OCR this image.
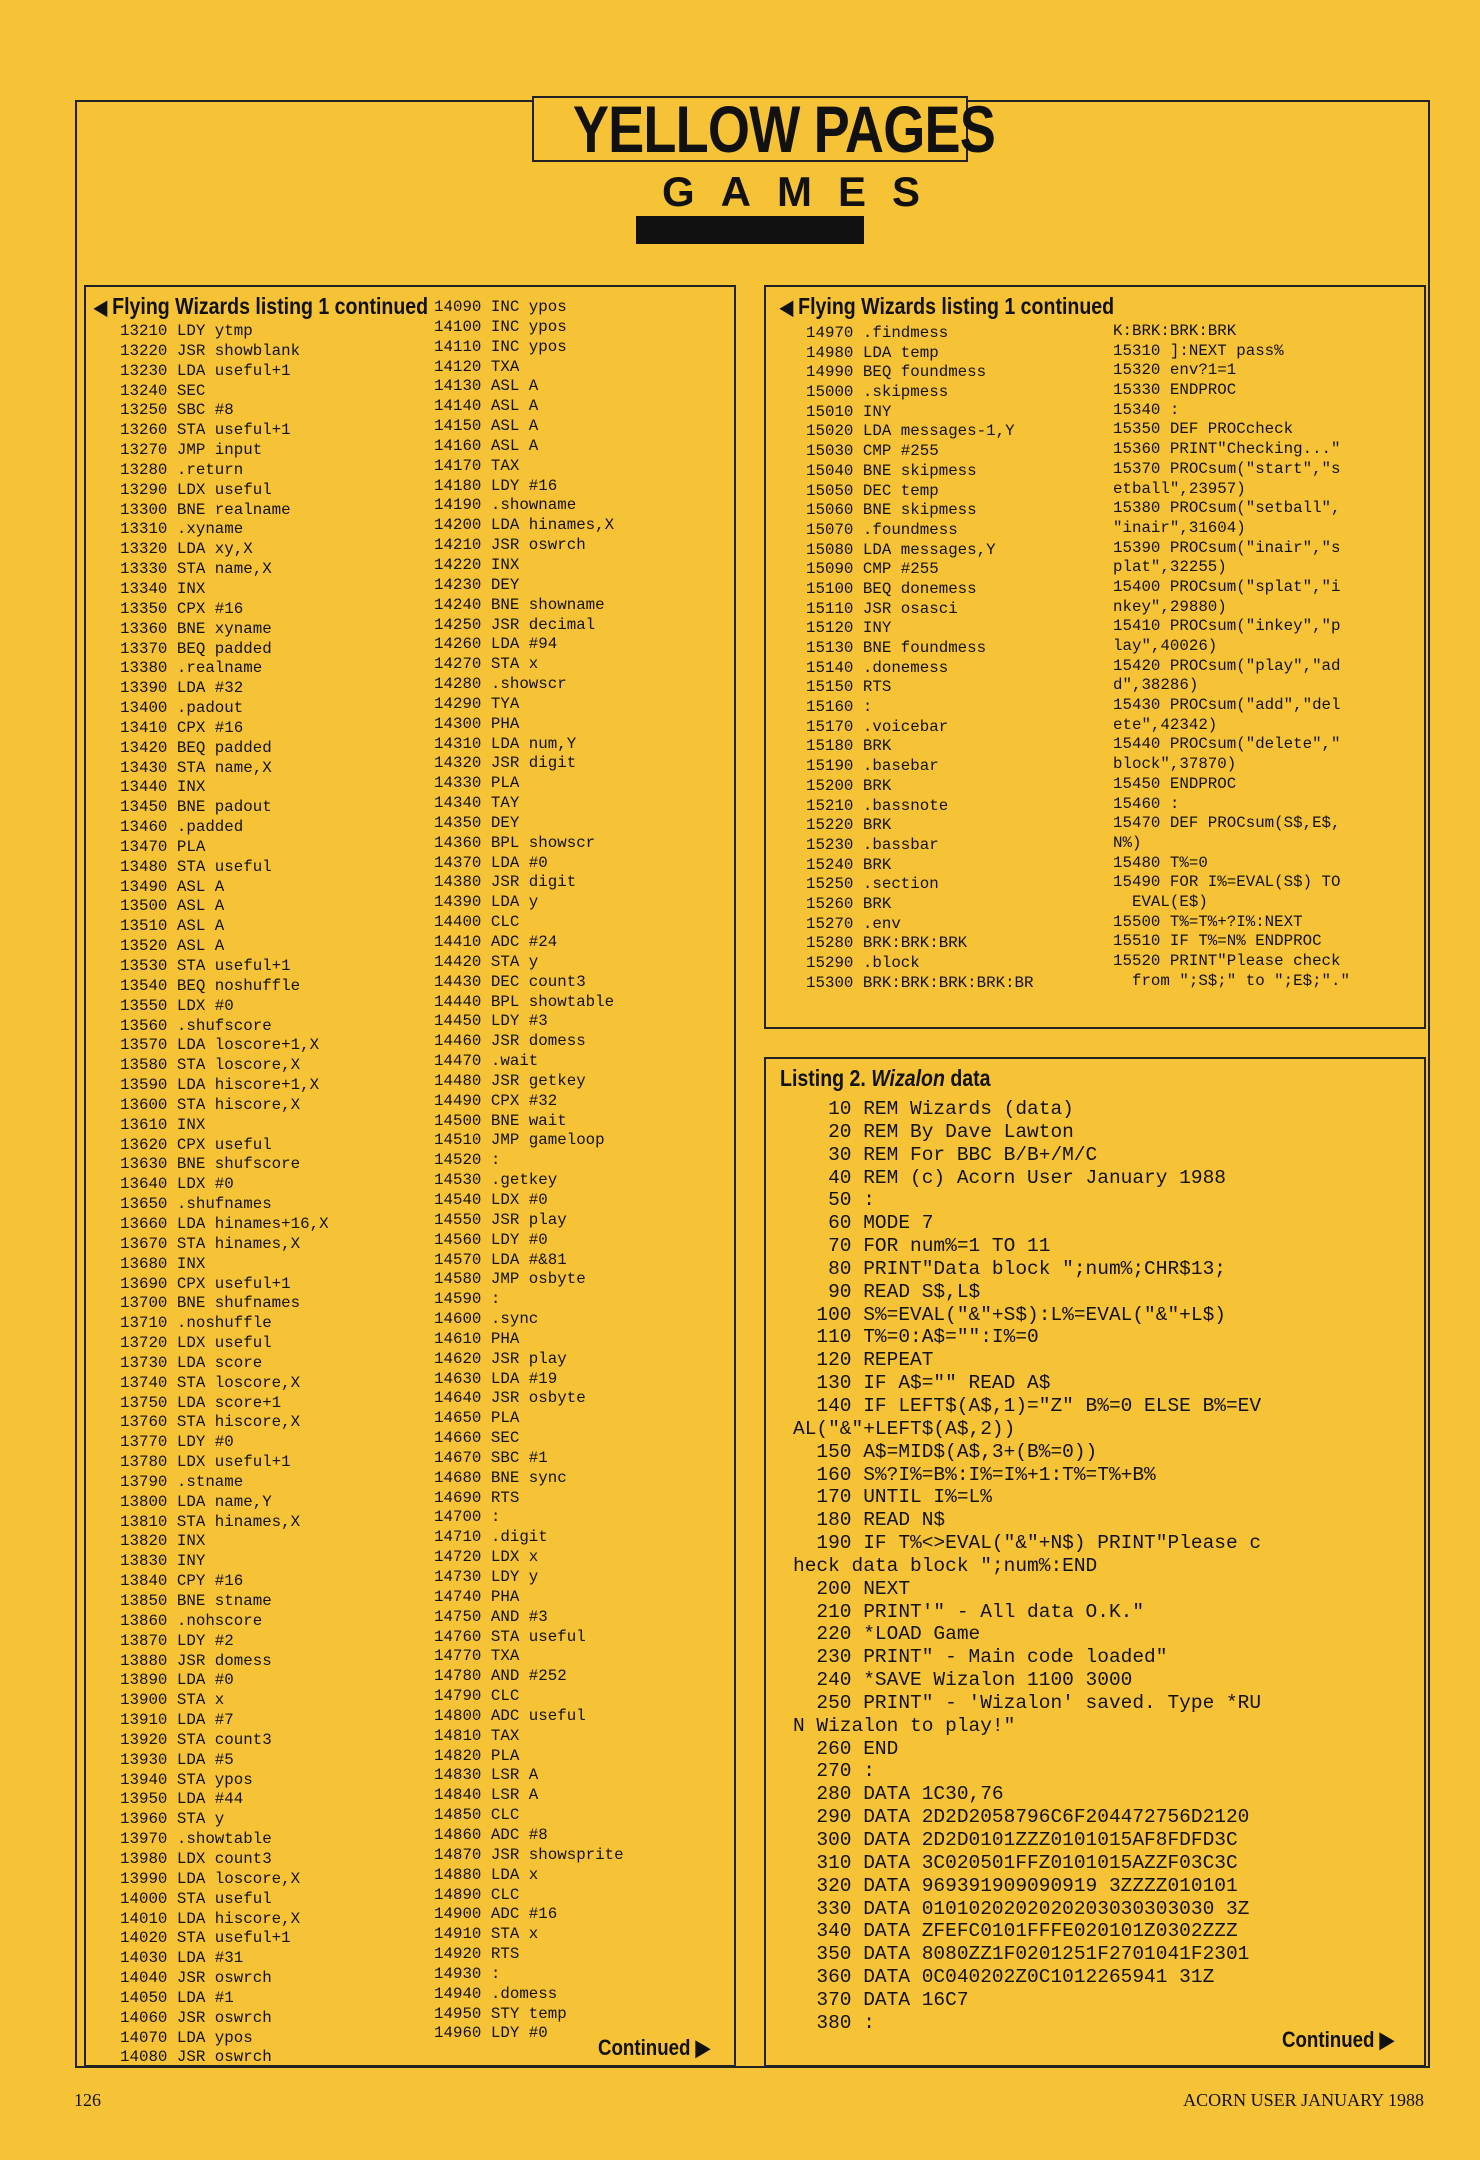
YELLOW PAGES
GAMES
◀ Flying Wizards listing 1 continued
13210 LDY ytmp
13220 JSR showblank
13230 LDA useful+1
13240 SEC
13250 SBC #8
13260 STA useful+1
13270 JMP input
13280 .return
13290 LDX useful
13300 BNE realname
13310 .xyname
13320 LDA xy,X
13330 STA name,X
13340 INX
13350 CPX #16
13360 BNE xyname
13370 BEQ padded
13380 .realname
13390 LDA #32
13400 .padout
13410 CPX #16
13420 BEQ padded
13430 STA name,X
13440 INX
13450 BNE padout
13460 .padded
13470 PLA
13480 STA useful
13490 ASL A
13500 ASL A
13510 ASL A
13520 ASL A
13530 STA useful+1
13540 BEQ noshuffle
13550 LDX #0
13560 .shufscore
13570 LDA loscore+1,X
13580 STA loscore,X
13590 LDA hiscore+1,X
13600 STA hiscore,X
13610 INX
13620 CPX useful
13630 BNE shufscore
13640 LDX #0
13650 .shufnames
13660 LDA hinames+16,X
13670 STA hinames,X
13680 INX
13690 CPX useful+1
13700 BNE shufnames
13710 .noshuffle
13720 LDX useful
13730 LDA score
13740 STA loscore,X
13750 LDA score+1
13760 STA hiscore,X
13770 LDY #0
13780 LDX useful+1
13790 .stname
13800 LDA name,Y
13810 STA hinames,X
13820 INX
13830 INY
13840 CPY #16
13850 BNE stname
13860 .nohscore
13870 LDY #2
13880 JSR domess
13890 LDA #0
13900 STA x
13910 LDA #7
13920 STA count3
13930 LDA #5
13940 STA ypos
13950 LDA #44
13960 STA y
13970 .showtable
13980 LDX count3
13990 LDA loscore,X
14000 STA useful
14010 LDA hiscore,X
14020 STA useful+1
14030 LDA #31
14040 JSR oswrch
14050 LDA #1
14060 JSR oswrch
14070 LDA ypos
14080 JSR oswrch
14090 INC ypos
14100 INC ypos
14110 INC ypos
14120 TXA
14130 ASL A
14140 ASL A
14150 ASL A
14160 ASL A
14170 TAX
14180 LDY #16
14190 .showname
14200 LDA hinames,X
14210 JSR oswrch
14220 INX
14230 DEY
14240 BNE showname
14250 JSR decimal
14260 LDA #94
14270 STA x
14280 .showscr
14290 TYA
14300 PHA
14310 LDA num,Y
14320 JSR digit
14330 PLA
14340 TAY
14350 DEY
14360 BPL showscr
14370 LDA #0
14380 JSR digit
14390 LDA y
14400 CLC
14410 ADC #24
14420 STA y
14430 DEC count3
14440 BPL showtable
14450 LDY #3
14460 JSR domess
14470 .wait
14480 JSR getkey
14490 CPX #32
14500 BNE wait
14510 JMP gameloop
14520 :
14530 .getkey
14540 LDX #0
14550 JSR play
14560 LDY #0
14570 LDA #&81
14580 JMP osbyte
14590 :
14600 .sync
14610 PHA
14620 JSR play
14630 LDA #19
14640 JSR osbyte
14650 PLA
14660 SEC
14670 SBC #1
14680 BNE sync
14690 RTS
14700 :
14710 .digit
14720 LDX x
14730 LDY y
14740 PHA
14750 AND #3
14760 STA useful
14770 TXA
14780 AND #252
14790 CLC
14800 ADC useful
14810 TAX
14820 PLA
14830 LSR A
14840 LSR A
14850 CLC
14860 ADC #8
14870 JSR showsprite
14880 LDA x
14890 CLC
14900 ADC #16
14910 STA x
14920 RTS
14930 :
14940 .domess
14950 STY temp
14960 LDY #0
Continued ▶
◀ Flying Wizards listing 1 continued
14970 .findmess
14980 LDA temp
14990 BEQ foundmess
15000 .skipmess
15010 INY
15020 LDA messages-1,Y
15030 CMP #255
15040 BNE skipmess
15050 DEC temp
15060 BNE skipmess
15070 .foundmess
15080 LDA messages,Y
15090 CMP #255
15100 BEQ donemess
15110 JSR osasci
15120 INY
15130 BNE foundmess
15140 .donemess
15150 RTS
15160 :
15170 .voicebar
15180 BRK
15190 .basebar
15200 BRK
15210 .bassnote
15220 BRK
15230 .bassbar
15240 BRK
15250 .section
15260 BRK
15270 .env
15280 BRK:BRK:BRK
15290 .block
15300 BRK:BRK:BRK:BRK:BR
K:BRK:BRK:BRK
15310 ]:NEXT pass%
15320 env?1=1
15330 ENDPROC
15340 :
15350 DEF PROCcheck
15360 PRINT"Checking..."
15370 PROCsum("start","s
etball",23957)
15380 PROCsum("setball",
"inair",31604)
15390 PROCsum("inair","s
plat",32255)
15400 PROCsum("splat","i
nkey",29880)
15410 PROCsum("inkey","p
lay",40026)
15420 PROCsum("play","ad
d",38286)
15430 PROCsum("add","del
ete",42342)
15440 PROCsum("delete","
block",37870)
15450 ENDPROC
15460 :
15470 DEF PROCsum(S$,E$,
N%)
15480 T%=0
15490 FOR I%=EVAL(S$) TO
EVAL(E$)
15500 T%=T%+?I%:NEXT
15510 IF T%=N% ENDPROC
15520 PRINT"Please check
from ";S$;" to ";E$;"."
Listing 2. Wizalon data
10 REM Wizards (data)
20 REM By Dave Lawton
30 REM For BBC B/B+/M/C
40 REM (c) Acorn User January 1988
50 :
60 MODE 7
70 FOR num%=1 TO 11
80 PRINT"Data block ";num%;CHR$13;
90 READ S$,L$
100 S%=EVAL("&"+S$):L%=EVAL("&"+L$)
110 T%=0:A$="":I%=0
120 REPEAT
130 IF A$="" READ A$
140 IF LEFT$(A$,1)="Z" B%=0 ELSE B%=EV
AL("&"+LEFT$(A$,2))
150 A$=MID$(A$,3+(B%=0))
160 S%?I%=B%:I%=I%+1:T%=T%+B%
170 UNTIL I%=L%
180 READ N$
190 IF T%<>EVAL("&"+N$) PRINT"Please c
heck data block ";num%:END
200 NEXT
210 PRINT'" - All data O.K."
220 *LOAD Game
230 PRINT" - Main code loaded"
240 *SAVE Wizalon 1100 3000
250 PRINT" - 'Wizalon' saved. Type *RU
N Wizalon to play!"
260 END
270 :
280 DATA 1C30,76
290 DATA 2D2D2058796C6F204472756D2120
300 DATA 2D2D0101ZZZ0101015AF8FDFD3C
310 DATA 3C020501FFZ0101015AZZF03C3C
320 DATA 969391909090919 3ZZZZ010101
330 DATA 0101020202020203030303030 3Z
340 DATA ZFEFC0101FFFE020101Z0302ZZZ
350 DATA 8080ZZ1F0201251F2701041F2301
360 DATA 0C040202Z0C1012265941 31Z
370 DATA 16C7
380 :
Continued ▶
126	ACORN USER JANUARY 1988
